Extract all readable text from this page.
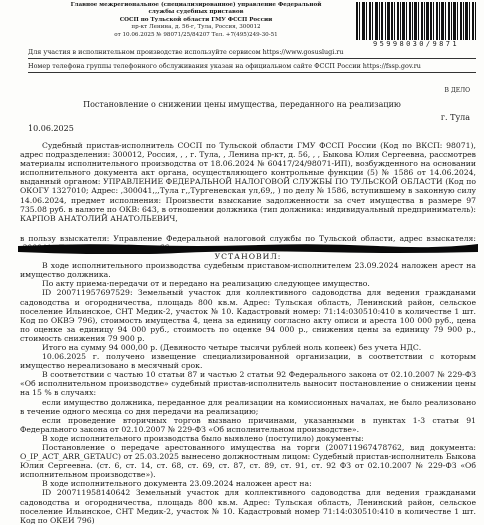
Главное межрегиональное (специализированное) управление Федеральной
службы судебных приставов
СОСП по Тульской области ГМУ ФССП России
пр-кт Ленина, д. 56-г, Тула, Россия, 300012
от 10.06.2025 № 98071/25/84207 Тел. +7(495)249-30-51
95998030/9871
Для участия в исполнительном производстве используйте сервисом https://www.gosuslugi.ru
Номер телефона группы телефонного обслуживания указан на официальном сайте ФССП России https://fssp.gov.ru
В ДЕЛО
Постановление о снижении цены имущества, переданного на реализацию
г. Тула
10.06.2025

Судебный пристав-исполнитель СОСП по Тульской области ГМУ ФССП России (Код по ВКСП: 98071), адрес подразделения: 300012, Россия, , , г. Тула, , Ленина пр-кт, д. 56, , , Быкова Юлия Сергеевна, рассмотрев материалы исполнительного производства от 18.06.2024 № 60417/24/98071-ИП), возбужденного на основании исполнительного документа акт органа, осуществляющего контрольные функции (5) № 1586 от 14.06.2024, выданный органом: УПРАВЛЕНИЕ ФЕДЕРАЛЬНОЙ НАЛОГОВОЙ СЛУЖБЫ ПО ТУЛЬСКОЙ ОБЛАСТИ (Код по ОКОГУ 1327010; Адрес: ,300041,,,Тула г,,Тургеневская ул,69,, ) по делу № 1586, вступившему в законную силу 14.06.2024, предмет исполнения: Произвести взыскание задолженности за счет имущества в размере 97 735.08 руб. в валюте по ОКВ: 643, в отношении должника (тип должника: индивидуальный предприниматель): КАРПОВ АНАТОЛИЙ АНАТОЛЬЕВИЧ,

в пользу взыскателя: Управление Федеральной налоговой службы по Тульской области, адрес взыскателя:

УСТАНОВИЛ:

В ходе исполнительного производства судебным приставом-исполнителем 23.09.2024 наложен арест на имущество должника.

По акту приема-передачи от и передано на реализацию следующее имущество.

ID 200711957697529: Земельный участок для коллективного садоводства для ведения гражданами садоводства и огородничества, площадь 800 кв.м. Адрес: Тульская область, Ленинский район, сельское поселение Ильинское, СНТ Медик-2, участок № 10. Кадастровый номер: 71:14:030510:410 в количестве 1 шт. Код по ОКВЭ 796), стоимость имущества 4, цена за единицу согласно акту описи и ареста 100 000 руб., цена по оценке за единицу 94 000 руб., стоимость по оценке 94 000 р., снижения цены за единицу 79 900 р., стоимость снижения 79 900 р.

Итого на сумму 94 000,00 р. (Девяносто четыре тысячи рублей ноль копеек) без учета НДС.

10.06.2025 г. получено извещение специализированной организации, в соответствии с которым имущество нереализовано в месячный срок.

В соответствии с частью 10 статьи 87 и частью 2 статьи 92 Федерального закона от 02.10.2007 № 229-ФЗ «Об исполнительном производстве» судебный пристав-исполнитель выносит постановление о снижении цены на 15 % в случаях:

если имущество должника, переданное для реализации на комиссионных началах, не было реализовано в течение одного месяца со дня передачи на реализацию;

если проведение вторичных торгов вызвано причинами, указанными в пунктах 1-3 статьи 91 Федерального закона от 02.10.2007 № 229-ФЗ «Об исполнительном производстве».

В ходе исполнительного производства было выявлено (поступило) документы:

Постановление о передаче арестованного имущества на торги (200711967478762, вид документа: O_IP_ACT_ARR_GETAUC) от 25.03.2025 вынесено должностным лицом: Судебный пристав-исполнитель Быкова Юлия Сергеевна. (ст. 6, ст. 14, ст. 68, ст. 69, ст. 87, ст. 89, ст. 91, ст. 92 ФЗ от 02.10.2007 № 229-ФЗ «Об исполнительном производстве»).

В ходе исполнительного документа 23.09.2024 наложен арест на:

ID 200711958140642 Земельный участок для коллективного садоводства для ведения гражданами садоводства и огородничества, площадь 800 кв.м. Адрес: Тульская область, Ленинский район, сельское поселение Ильинское, СНТ Медик-2, участок № 10. Кадастровый номер 71:14:030510:410 в количестве 1 шт. Код по ОКЕИ 796)
